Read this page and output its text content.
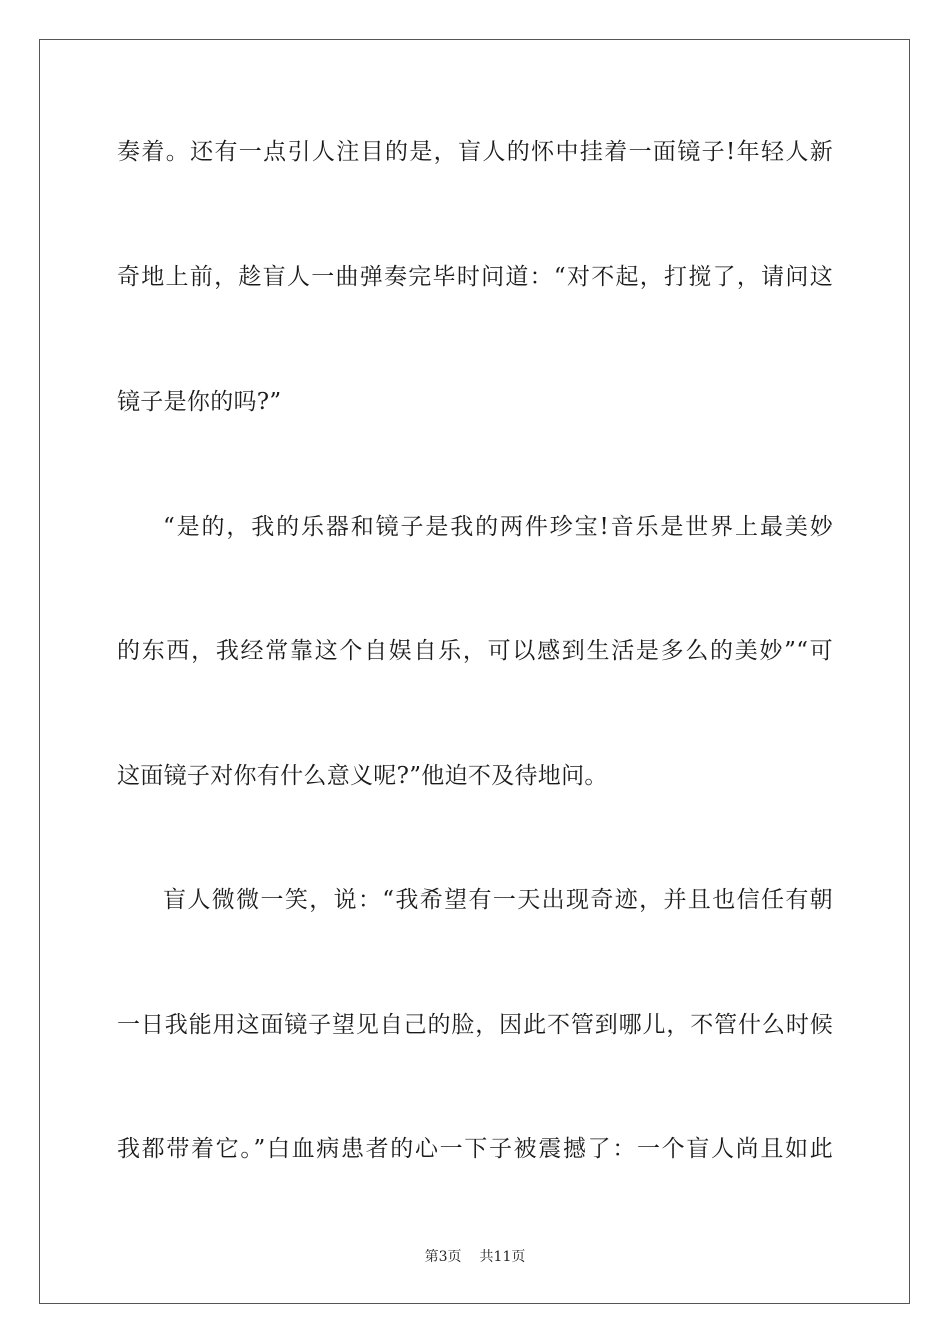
奏着。还有一点引人注目的是，盲人的怀中挂着一面镜子!年轻人新
奇地上前，趁盲人一曲弹奏完毕时问道：“对不起，打搅了，请问这
镜子是你的吗?”
“是的，我的乐器和镜子是我的两件珍宝!音乐是世界上最美妙
的东西，我经常靠这个自娱自乐，可以感到生活是多么的美妙”“可
这面镜子对你有什么意义呢?”他迫不及待地问。
盲人微微一笑，说：“我希望有一天出现奇迹，并且也信任有朝
一日我能用这面镜子望见自己的脸，因此不管到哪儿，不管什么时候
我都带着它。”白血病患者的心一下子被震撼了：一个盲人尚且如此
第3页 共11页
